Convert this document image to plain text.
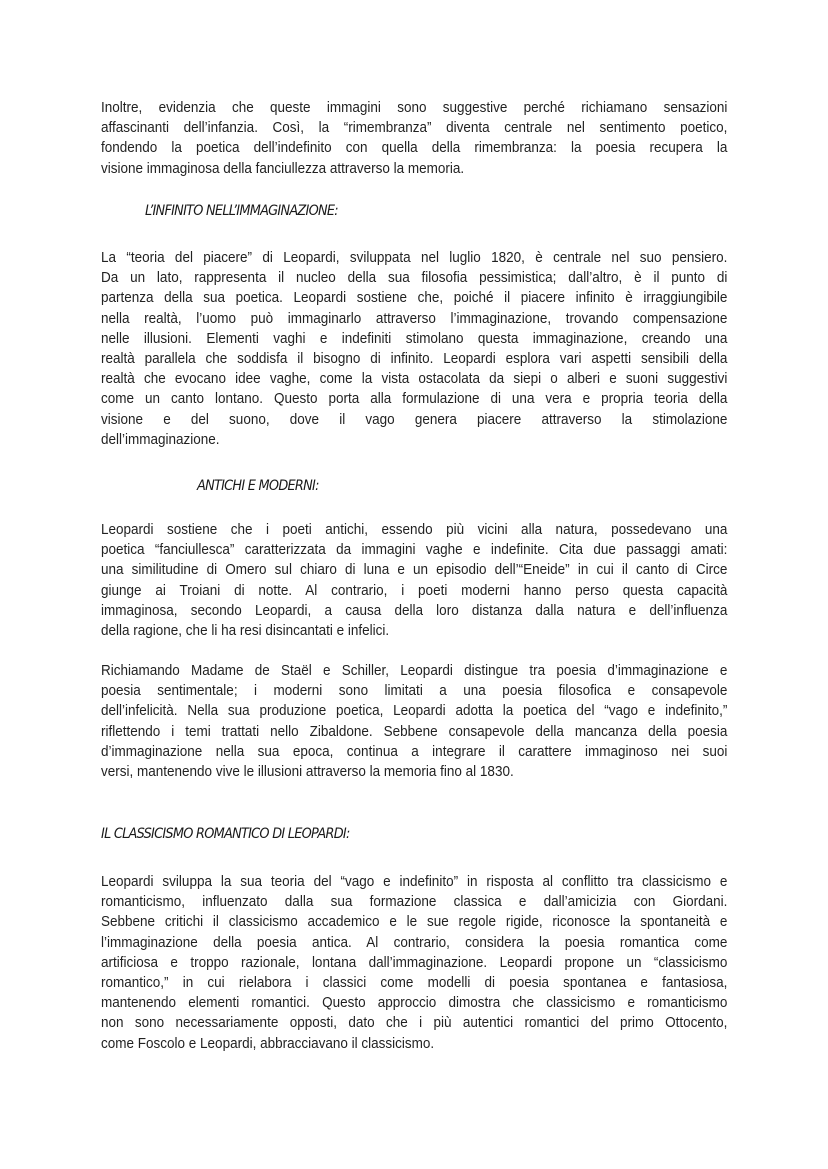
Inoltre, evidenzia che queste immagini sono suggestive perché richiamano sensazioni
affascinanti dell’infanzia. Così, la “rimembranza” diventa centrale nel sentimento poetico,
fondendo la poetica dell’indefinito con quella della rimembranza: la poesia recupera la
visione immaginosa della fanciullezza attraverso la memoria.
L’INFINITO NELL’IMMAGINAZIONE:
La “teoria del piacere” di Leopardi, sviluppata nel luglio 1820, è centrale nel suo pensiero.
Da un lato, rappresenta il nucleo della sua filosofia pessimistica; dall’altro, è il punto di
partenza della sua poetica. Leopardi sostiene che, poiché il piacere infinito è irraggiungibile
nella realtà, l’uomo può immaginarlo attraverso l’immaginazione, trovando compensazione
nelle illusioni. Elementi vaghi e indefiniti stimolano questa immaginazione, creando una
realtà parallela che soddisfa il bisogno di infinito. Leopardi esplora vari aspetti sensibili della
realtà che evocano idee vaghe, come la vista ostacolata da siepi o alberi e suoni suggestivi
come un canto lontano. Questo porta alla formulazione di una vera e propria teoria della
visione e del suono, dove il vago genera piacere attraverso la stimolazione
dell’immaginazione.
ANTICHI E MODERNI:
Leopardi sostiene che i poeti antichi, essendo più vicini alla natura, possedevano una
poetica “fanciullesca” caratterizzata da immagini vaghe e indefinite. Cita due passaggi amati:
una similitudine di Omero sul chiaro di luna e un episodio dell’“Eneide” in cui il canto di Circe
giunge ai Troiani di notte. Al contrario, i poeti moderni hanno perso questa capacità
immaginosa, secondo Leopardi, a causa della loro distanza dalla natura e dell’influenza
della ragione, che li ha resi disincantati e infelici.
Richiamando Madame de Staël e Schiller, Leopardi distingue tra poesia d’immaginazione e
poesia sentimentale; i moderni sono limitati a una poesia filosofica e consapevole
dell’infelicità. Nella sua produzione poetica, Leopardi adotta la poetica del “vago e indefinito,”
riflettendo i temi trattati nello Zibaldone. Sebbene consapevole della mancanza della poesia
d’immaginazione nella sua epoca, continua a integrare il carattere immaginoso nei suoi
versi, mantenendo vive le illusioni attraverso la memoria fino al 1830.
IL CLASSICISMO ROMANTICO DI LEOPARDI:
Leopardi sviluppa la sua teoria del “vago e indefinito” in risposta al conflitto tra classicismo e
romanticismo, influenzato dalla sua formazione classica e dall’amicizia con Giordani.
Sebbene critichi il classicismo accademico e le sue regole rigide, riconosce la spontaneità e
l’immaginazione della poesia antica. Al contrario, considera la poesia romantica come
artificiosa e troppo razionale, lontana dall’immaginazione. Leopardi propone un “classicismo
romantico,” in cui rielabora i classici come modelli di poesia spontanea e fantasiosa,
mantenendo elementi romantici. Questo approccio dimostra che classicismo e romanticismo
non sono necessariamente opposti, dato che i più autentici romantici del primo Ottocento,
come Foscolo e Leopardi, abbracciavano il classicismo.
